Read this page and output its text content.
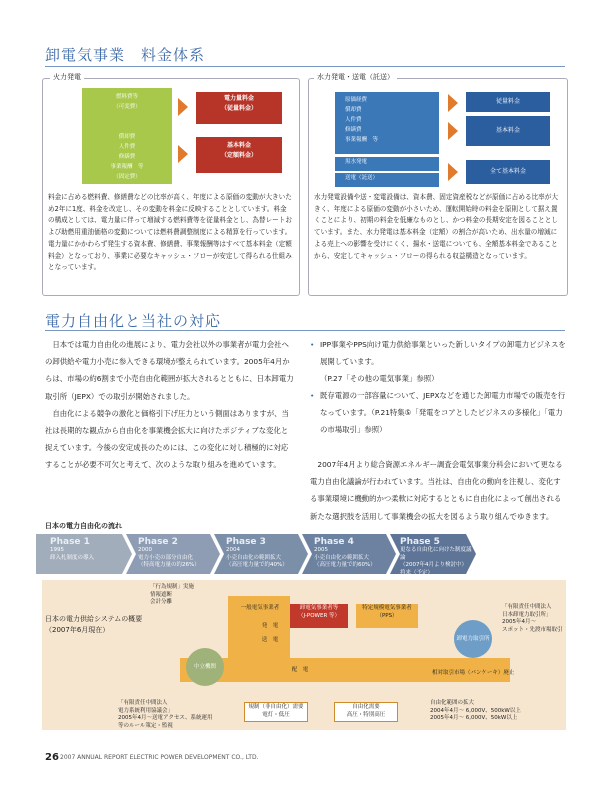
卸電気事業　料金体系
火力発電
燃料費等
（可変費）
償却費
人件費
修繕費
事業報酬　等
（固定費）
電力量料金
（従量料金）
基本料金
（定額料金）
料金に占める燃料費、修繕費などの比率が高く、年度による原価の変動が大きいため2年に1度、料金を改定し、その変動を料金に反映することとしています。料金の構成としては、電力量に伴って増減する燃料費等を従量料金とし、為替レートおよび助燃用重油価格の変動については燃料費調整制度による精算を行っています。電力量にかかわらず発生する資本費、修繕費、事業報酬等はすべて基本料金（定額料金）となっており、事業に必要なキャッシュ・フローが安定して得られる仕組みとなっています。
水力発電・送電（託送）
原価経費
償却費
人件費
修繕費
事業報酬　等
黒水発電
送電（託送）
従量料金
基本料金
全て基本料金
水力発電設備や送・変電設備は、資本費、固定資産税などが原価に占める比率が大きく、年度による原価の変動が小さいため、運転開始時の料金を原則として据え置くことにより、初期の料金を低廉なものとし、かつ料金の長期安定を図ることとしています。また、水力発電は基本料金（定額）の割合が高いため、出水量の増減による売上への影響を受けにくく、揚水・送電についても、全額基本料金であることから、安定してキャッシュ・フローの得られる収益構造となっています。
電力自由化と当社の対応
　日本では電力自由化の進展により、電力会社以外の事業者が電力会社への卸供給や電力小売に参入できる環境が整えられています。2005年4月からは、市場の約6割まで小売自由化範囲が拡大されるとともに、日本卸電力取引所（JEPX）での取引が開始されました。
　自由化による競争の激化と価格引下げ圧力という側面はありますが、当社は長期的な観点から自由化を事業機会拡大に向けたポジティブな変化と捉えています。今後の安定成長のためには、この変化に対し積極的に対応することが必要不可欠と考えて、次のような取り組みを進めています。
• IPP事業やPPS向け電力供給事業といった新しいタイプの卸電力ビジネスを展開しています。
（P.27「その他の電気事業」参照）
• 既存電源の一部容量について、JEPXなどを通じた卸電力市場での販売を行なっています。（P.21特集⑤「発電をコアとしたビジネスの多様化」「電力の市場取引」参照）
　2007年4月より総合資源エネルギー調査会電気事業分科会において更なる電力自由化議論が行われています。当社は、自由化の動向を注視し、変化する事業環境に機動的かつ柔軟に対応するとともに自由化によって創出される新たな選択肢を活用して事業機会の拡大を図るよう取り組んでゆきます。
日本の電力自由化の流れ
Phase 1
1995
卸入札制度の導入
Phase 2
2000
電力小売の部分自由化
（特高電力量の約26%）
Phase 3
2004
小売自由化の範囲拡大
（高圧電力量で約40%）
Phase 4
2005
小売自由化の範囲拡大
（高圧電力量で約60%）
Phase 5
更なる自由化に向けた制度議論
（2007年4月より検討中）
将来（予定）
「行為規制」実施
情報遮断
会計分離
日本の電力供給システムの概要
（2007年6月現在）
一般電気事業者
発　電
送　電
配　電
卸電気事業者等
（J-POWER 等）
特定規模電気事業者
（PPS）
中立機関
卸電力取引所
「有限責任中間法人
日本卸電力取引所」
2005年4月〜
スポット・先渡市場取引
相対取引市場（バンケーキ）廃止
「有限責任中間法人
電力系統利用協議会」
2005年4月〜送電アクセス、系統運用
等のルール策定・監視
規制（非自由化）需要
電灯・低圧
自由化需要
高圧・特別高圧
自由化範囲の拡大
2004年4月〜 6,000V、500kW以上
2005年4月〜 6,000V、50kW以上
26 2007 ANNUAL REPORT ELECTRIC POWER DEVELOPMENT CO., LTD.
